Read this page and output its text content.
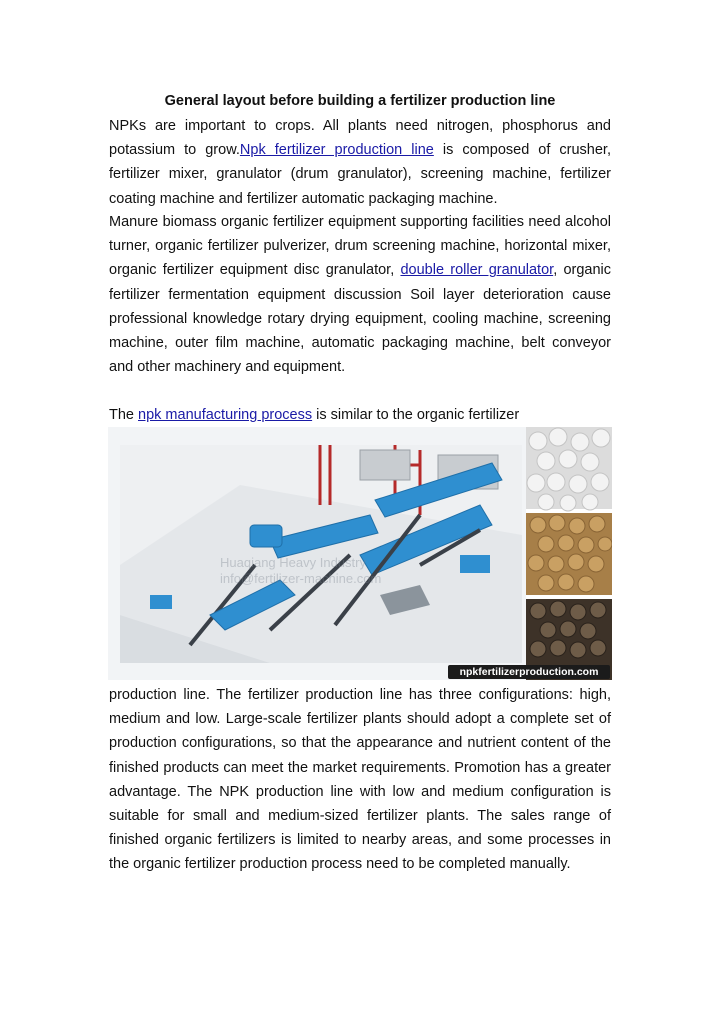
General layout before building a fertilizer production line
NPKs are important to crops. All plants need nitrogen, phosphorus and potassium to grow.Npk fertilizer production line is composed of crusher, fertilizer mixer, granulator (drum granulator), screening machine, fertilizer coating machine and fertilizer automatic packaging machine.
Manure biomass organic fertilizer equipment supporting facilities need alcohol turner, organic fertilizer pulverizer, drum screening machine, horizontal mixer, organic fertilizer equipment disc granulator, double roller granulator, organic fertilizer fermentation equipment discussion Soil layer deterioration cause professional knowledge rotary drying equipment, cooling machine, screening machine, outer film machine, automatic packaging machine, belt conveyor and other machinery and equipment.
The npk manufacturing process is similar to the organic fertilizer
Huaqiang Heavy Industry
info@fertilizer-machine.com
npkfertilizerproduction.com
production line. The fertilizer production line has three configurations: high, medium and low. Large-scale fertilizer plants should adopt a complete set of production configurations, so that the appearance and nutrient content of the finished products can meet the market requirements. Promotion has a greater advantage. The NPK production line with low and medium configuration is suitable for small and medium-sized fertilizer plants. The sales range of finished organic fertilizers is limited to nearby areas, and some processes in the organic fertilizer production process need to be completed manually.
